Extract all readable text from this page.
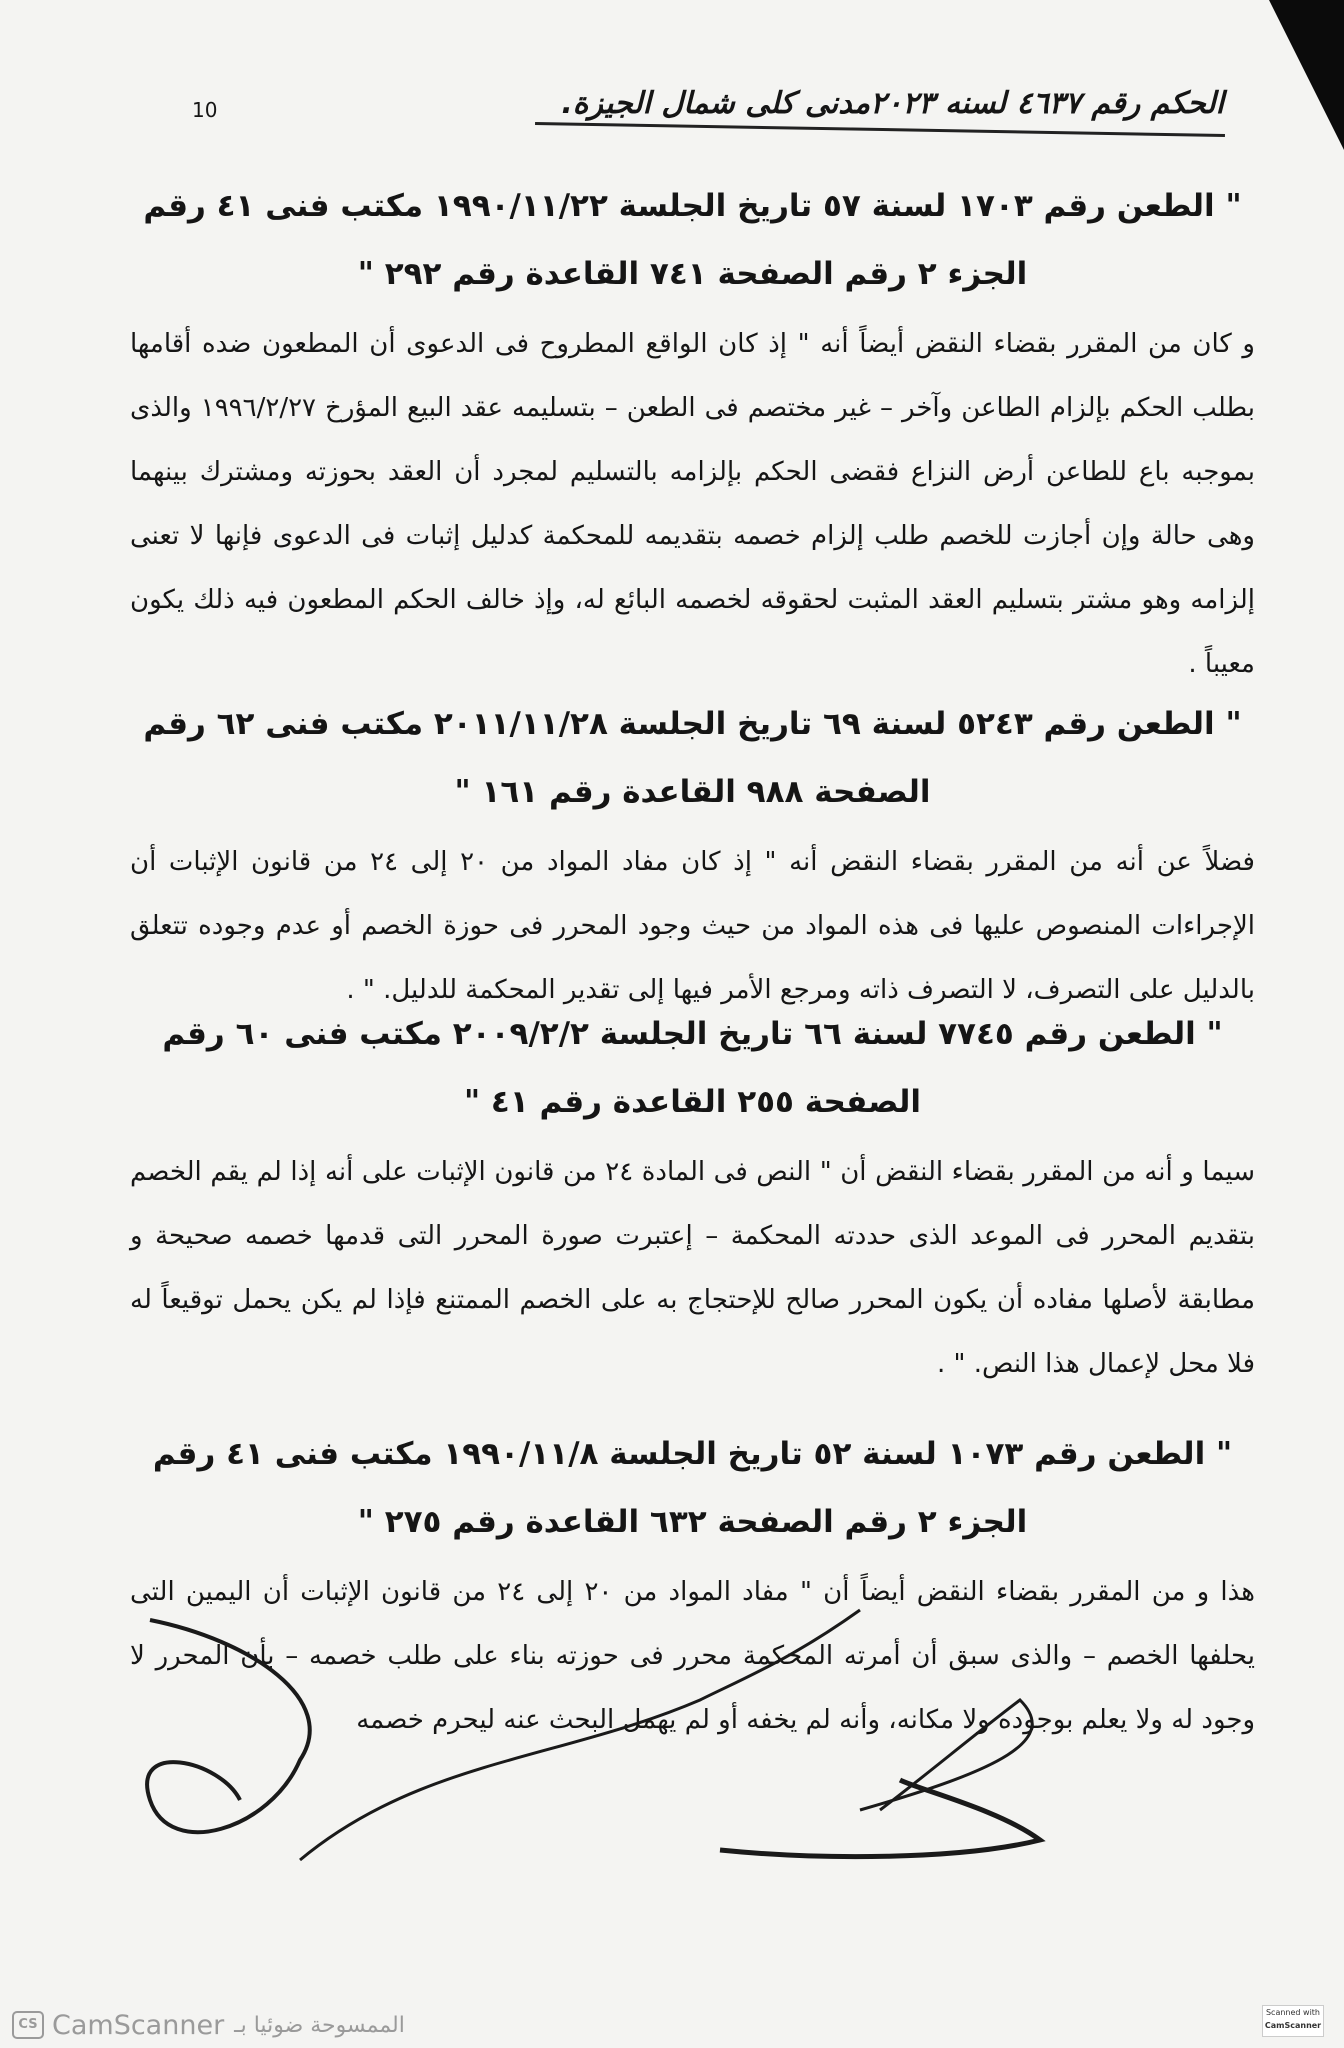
10	الحكم رقم ٤٦٣٧ لسنه ٢٠٢٣مدنى كلى شمال الجيزة.
" الطعن رقم ١٧٠٣ لسنة ٥٧ تاريخ الجلسة ١٩٩٠/١١/٢٢ مكتب فنى ٤١ رقم الجزء ٢ رقم الصفحة ٧٤١ القاعدة رقم ٢٩٢ "
و كان من المقرر بقضاء النقض أيضاً أنه " إذ كان الواقع المطروح فى الدعوى أن المطعون ضده أقامها بطلب الحكم بإلزام الطاعن وآخر – غير مختصم فى الطعن – بتسليمه عقد البيع المؤرخ ١٩٩٦/٢/٢٧ والذى بموجبه باع للطاعن أرض النزاع فقضى الحكم بإلزامه بالتسليم لمجرد أن العقد بحوزته ومشترك بينهما وهى حالة وإن أجازت للخصم طلب إلزام خصمه بتقديمه للمحكمة كدليل إثبات فى الدعوى فإنها لا تعنى إلزامه وهو مشتر بتسليم العقد المثبت لحقوقه لخصمه البائع له، وإذ خالف الحكم المطعون فيه ذلك يكون معيباً .
" الطعن رقم ٥٢٤٣ لسنة ٦٩ تاريخ الجلسة ٢٠١١/١١/٢٨ مكتب فنى ٦٢ رقم الصفحة ٩٨٨ القاعدة رقم ١٦١ "
فضلاً عن أنه من المقرر بقضاء النقض أنه " إذ كان مفاد المواد من ٢٠ إلى ٢٤ من قانون الإثبات أن الإجراءات المنصوص عليها فى هذه المواد من حيث وجود المحرر فى حوزة الخصم أو عدم وجوده تتعلق بالدليل على التصرف، لا التصرف ذاته ومرجع الأمر فيها إلى تقدير المحكمة للدليل. " .
" الطعن رقم ٧٧٤٥ لسنة ٦٦ تاريخ الجلسة ٢٠٠٩/٢/٢ مكتب فنى ٦٠ رقم الصفحة ٢٥٥ القاعدة رقم ٤١ "
سيما و أنه من المقرر بقضاء النقض أن " النص فى المادة ٢٤ من قانون الإثبات على أنه إذا لم يقم الخصم بتقديم المحرر فى الموعد الذى حددته المحكمة – إعتبرت صورة المحرر التى قدمها خصمه صحيحة و مطابقة لأصلها مفاده أن يكون المحرر صالح للإحتجاج به على الخصم الممتنع فإذا لم يكن يحمل توقيعاً له فلا محل لإعمال هذا النص. " .
" الطعن رقم ١٠٧٣ لسنة ٥٢ تاريخ الجلسة ١٩٩٠/١١/٨ مكتب فنى ٤١ رقم الجزء ٢ رقم الصفحة ٦٣٢ القاعدة رقم ٢٧٥ "
هذا و من المقرر بقضاء النقض أيضاً أن " مفاد المواد من ٢٠ إلى ٢٤ من قانون الإثبات أن اليمين التى يحلفها الخصم – والذى سبق أن أمرته المحكمة محرر فى حوزته بناء على طلب خصمه – بأن المحرر لا وجود له ولا يعلم بوجوده ولا مكانه، وأنه لم يخفه أو لم يهمل البحث عنه ليحرم خصمه
Scanned with
CamScanner
CS CamScanner الممسوحة ضوئيا بـ
